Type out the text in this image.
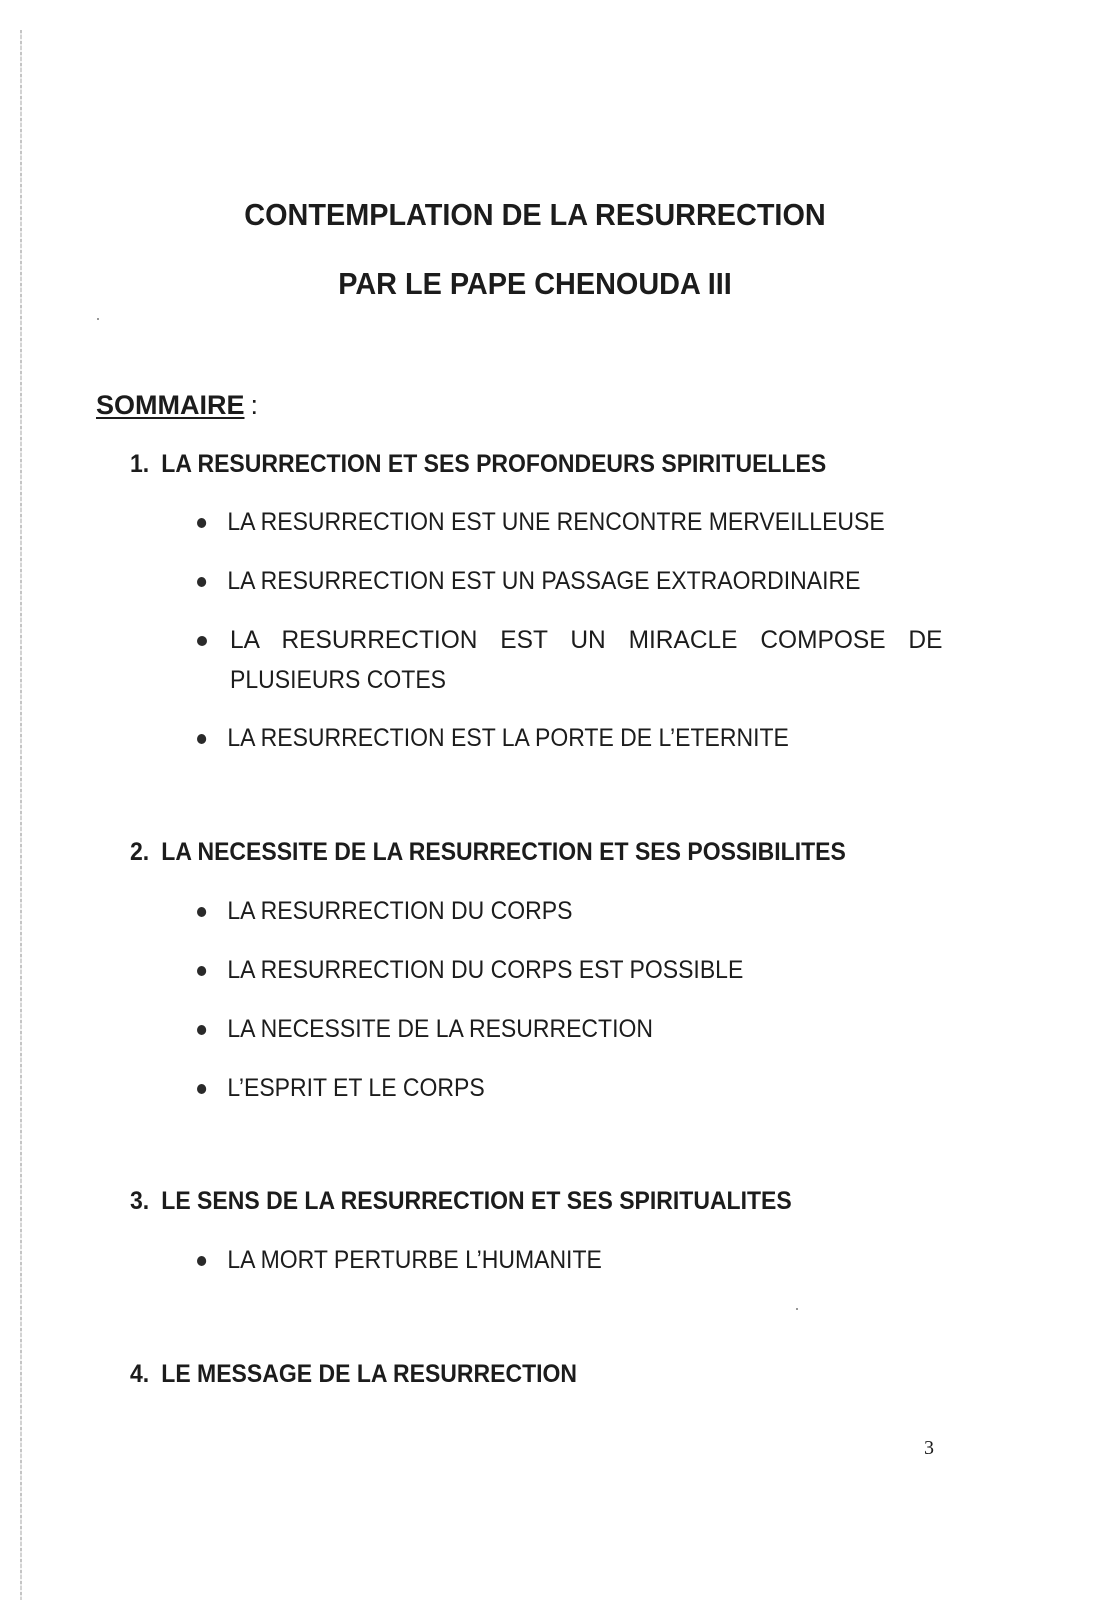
CONTEMPLATION DE LA RESURRECTION
PAR LE PAPE CHENOUDA III
SOMMAIRE :
1. LA RESURRECTION ET SES PROFONDEURS SPIRITUELLES
LA RESURRECTION EST UNE RENCONTRE MERVEILLEUSE
LA RESURRECTION EST UN PASSAGE EXTRAORDINAIRE
LA RESURRECTION EST UN MIRACLE COMPOSE DE
PLUSIEURS COTES
LA RESURRECTION EST LA PORTE DE L’ETERNITE
2. LA NECESSITE DE LA RESURRECTION ET SES POSSIBILITES
LA RESURRECTION DU CORPS
LA RESURRECTION DU CORPS EST POSSIBLE
LA NECESSITE DE LA RESURRECTION
L’ESPRIT ET LE CORPS
3. LE SENS DE LA RESURRECTION ET SES SPIRITUALITES
LA MORT PERTURBE L’HUMANITE
4. LE MESSAGE DE LA RESURRECTION
3
